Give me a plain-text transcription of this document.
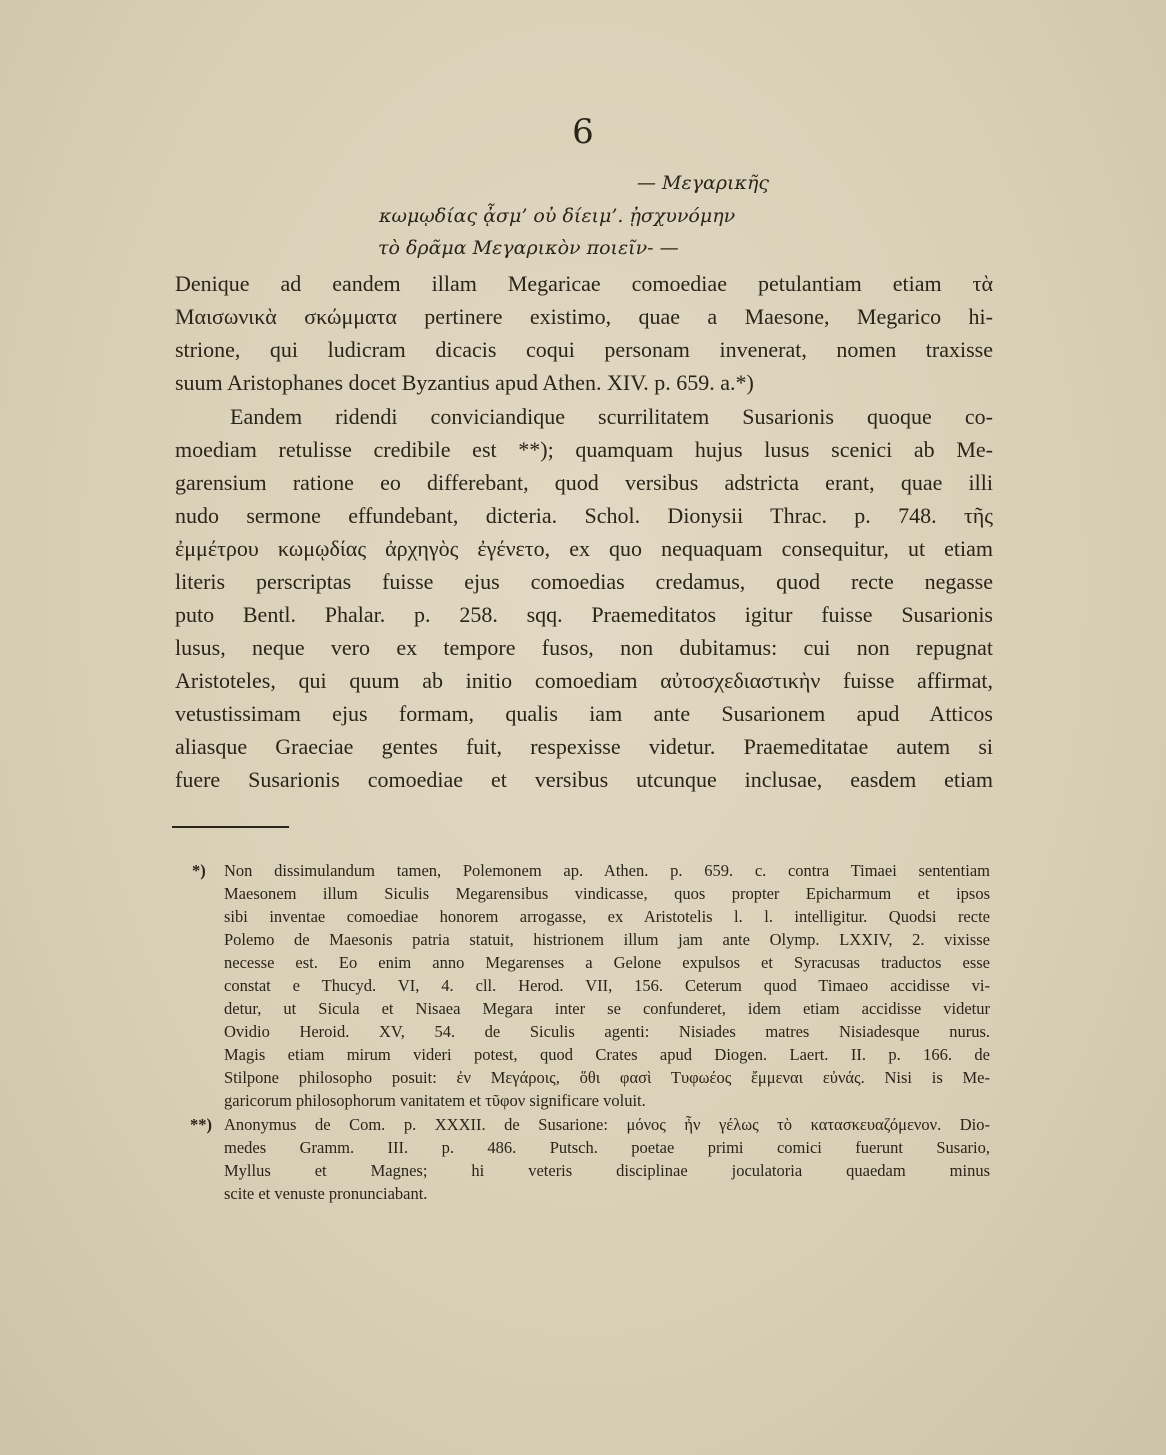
6
— Μεγαρικῆς
κωμῳδίας ᾆσμ’ οὐ δίειμ’. ᾐσχυνόμην
τὸ δρᾶμα Μεγαρικὸν ποιεῖν- —
Denique ad eandem illam Megaricae comoediae petulantiam etiam τὰ
Μαισωνικὰ σκώμματα pertinere existimo, quae a Maesone, Megarico hi-
strione, qui ludicram dicacis coqui personam invenerat, nomen traxisse
suum Aristophanes docet Byzantius apud Athen. XIV. p. 659. a.*)
Eandem ridendi conviciandique scurrilitatem Susarionis quoque co-
moediam retulisse credibile est **); quamquam hujus lusus scenici ab Me-
garensium ratione eo differebant, quod versibus adstricta erant, quae illi
nudo sermone effundebant, dicteria. Schol. Dionysii Thrac. p. 748. τῆς
ἐμμέτρου κωμῳδίας ἀρχηγὸς ἐγένετο, ex quo nequaquam consequitur, ut etiam
literis perscriptas fuisse ejus comoedias credamus, quod recte negasse
puto Bentl. Phalar. p. 258. sqq. Praemeditatos igitur fuisse Susarionis
lusus, neque vero ex tempore fusos, non dubitamus: cui non repugnat
Aristoteles, qui quum ab initio comoediam αὐτοσχεδιαστικὴν fuisse affirmat,
vetustissimam ejus formam, qualis iam ante Susarionem apud Atticos
aliasque Graeciae gentes fuit, respexisse videtur. Praemeditatae autem si
fuere Susarionis comoediae et versibus utcunque inclusae, easdem etiam
*) Non dissimulandum tamen, Polemonem ap. Athen. p. 659. c. contra Timaei sententiam
Maesonem illum Siculis Megarensibus vindicasse, quos propter Epicharmum et ipsos
sibi inventae comoediae honorem arrogasse, ex Aristotelis l. l. intelligitur. Quodsi recte
Polemo de Maesonis patria statuit, histrionem illum jam ante Olymp. LXXIV, 2. vixisse
necesse est. Eo enim anno Megarenses a Gelone expulsos et Syracusas traductos esse
constat e Thucyd. VI, 4. cll. Herod. VII, 156. Ceterum quod Timaeo accidisse vi-
detur, ut Sicula et Nisaea Megara inter se confunderet, idem etiam accidisse videtur
Ovidio Heroid. XV, 54. de Siculis agenti: Nisiades matres Nisiadesque nurus.
Magis etiam mirum videri potest, quod Crates apud Diogen. Laert. II. p. 166. de
Stilpone philosopho posuit: ἐν Μεγάροις, ὅθι φασὶ Τυφωέος ἔμμεναι εὐνάς. Nisi is Me-
garicorum philosophorum vanitatem et τῦφον significare voluit.
**) Anonymus de Com. p. XXXII. de Susarione: μόνος ἦν γέλως τὸ κατασκευαζόμενον. Dio-
medes Gramm. III. p. 486. Putsch. poetae primi comici fuerunt Susario,
Myllus et Magnes; hi veteris disciplinae joculatoria quaedam minus
scite et venuste pronunciabant.
